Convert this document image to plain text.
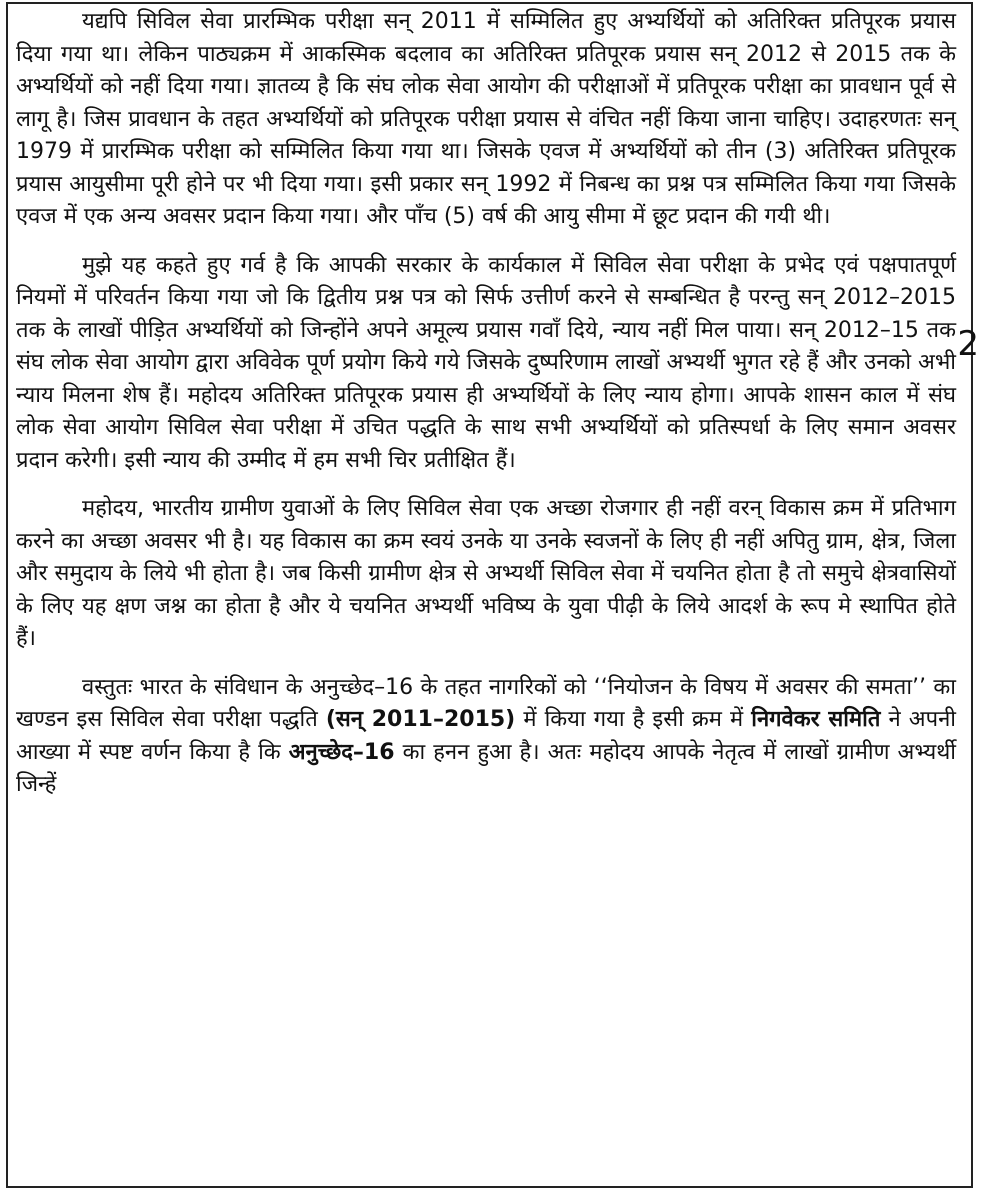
यद्यपि सिविल सेवा प्रारम्भिक परीक्षा सन् 2011 में सम्मिलित हुए अभ्यर्थियों को अतिरिक्त प्रतिपूरक प्रयास दिया गया था। लेकिन पाठ्यक्रम में आकस्मिक बदलाव का अतिरिक्त प्रतिपूरक प्रयास सन् 2012 से 2015 तक के अभ्यर्थियों को नहीं दिया गया। ज्ञातव्य है कि संघ लोक सेवा आयोग की परीक्षाओं में प्रतिपूरक परीक्षा का प्रावधान पूर्व से लागू है। जिस प्रावधान के तहत अभ्यर्थियों को प्रतिपूरक परीक्षा प्रयास से वंचित नहीं किया जाना चाहिए। उदाहरणतः सन् 1979 में प्रारम्भिक परीक्षा को सम्मिलित किया गया था। जिसके एवज में अभ्यर्थियों को तीन (3) अतिरिक्त प्रतिपूरक प्रयास आयुसीमा पूरी होने पर भी दिया गया। इसी प्रकार सन् 1992 में निबन्ध का प्रश्न पत्र सम्मिलित किया गया जिसके एवज में एक अन्य अवसर प्रदान किया गया। और पाँच (5) वर्ष की आयु सीमा में छूट प्रदान की गयी थी।

मुझे यह कहते हुए गर्व है कि आपकी सरकार के कार्यकाल में सिविल सेवा परीक्षा के प्रभेद एवं पक्षपातपूर्ण नियमों में परिवर्तन किया गया जो कि द्वितीय प्रश्न पत्र को सिर्फ उत्तीर्ण करने से सम्बन्धित है परन्तु सन् 2012–2015 तक के लाखों पीड़ित अभ्यर्थियों को जिन्होंने अपने अमूल्य प्रयास गवाँ दिये, न्याय नहीं मिल पाया। सन् 2012–15 तक संघ लोक सेवा आयोग द्वारा अविवेक पूर्ण प्रयोग किये गये जिसके दुष्परिणाम लाखों अभ्यर्थी भुगत रहे हैं और उनको अभी न्याय मिलना शेष हैं। महोदय अतिरिक्त प्रतिपूरक प्रयास ही अभ्यर्थियों के लिए न्याय होगा। आपके शासन काल में संघ लोक सेवा आयोग सिविल सेवा परीक्षा में उचित पद्धति के साथ सभी अभ्यर्थियों को प्रतिस्पर्धा के लिए समान अवसर प्रदान करेगी। इसी न्याय की उम्मीद में हम सभी चिर प्रतीक्षित हैं।

महोदय, भारतीय ग्रामीण युवाओं के लिए सिविल सेवा एक अच्छा रोजगार ही नहीं वरन् विकास क्रम में प्रतिभाग करने का अच्छा अवसर भी है। यह विकास का क्रम स्वयं उनके या उनके स्वजनों के लिए ही नहीं अपितु ग्राम, क्षेत्र, जिला और समुदाय के लिये भी होता है। जब किसी ग्रामीण क्षेत्र से अभ्यर्थी सिविल सेवा में चयनित होता है तो समुचे क्षेत्रवासियों के लिए यह क्षण जश्न का होता है और ये चयनित अभ्यर्थी भविष्य के युवा पीढ़ी के लिये आदर्श के रूप मे स्थापित होते हैं।

वस्तुतः भारत के संविधान के अनुच्छेद–16 के तहत नागरिकों को ‘‘नियोजन के विषय में अवसर की समता’’ का खण्डन इस सिविल सेवा परीक्षा पद्धति (सन् 2011–2015) में किया गया है इसी क्रम में निगवेकर समिति ने अपनी आख्या में स्पष्ट वर्णन किया है कि अनुच्छेद–16 का हनन हुआ है। अतः महोदय आपके नेतृत्व में लाखों ग्रामीण अभ्यर्थी जिन्हें

2
